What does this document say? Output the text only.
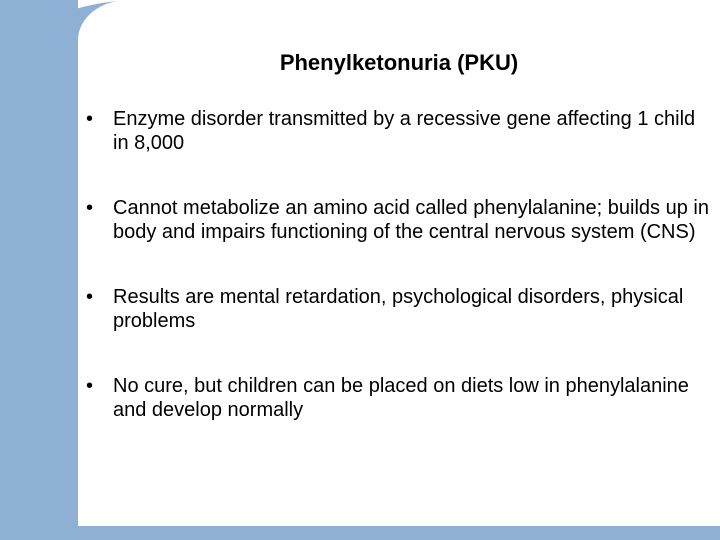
Phenylketonuria (PKU)
• Enzyme disorder transmitted by a recessive gene affecting 1 child in 8,000
• Cannot metabolize an amino acid called phenylalanine; builds up in body and impairs functioning of the central nervous system (CNS)
• Results are mental retardation, psychological disorders, physical problems
• No cure, but children can be placed on diets low in phenylalanine and develop normally
